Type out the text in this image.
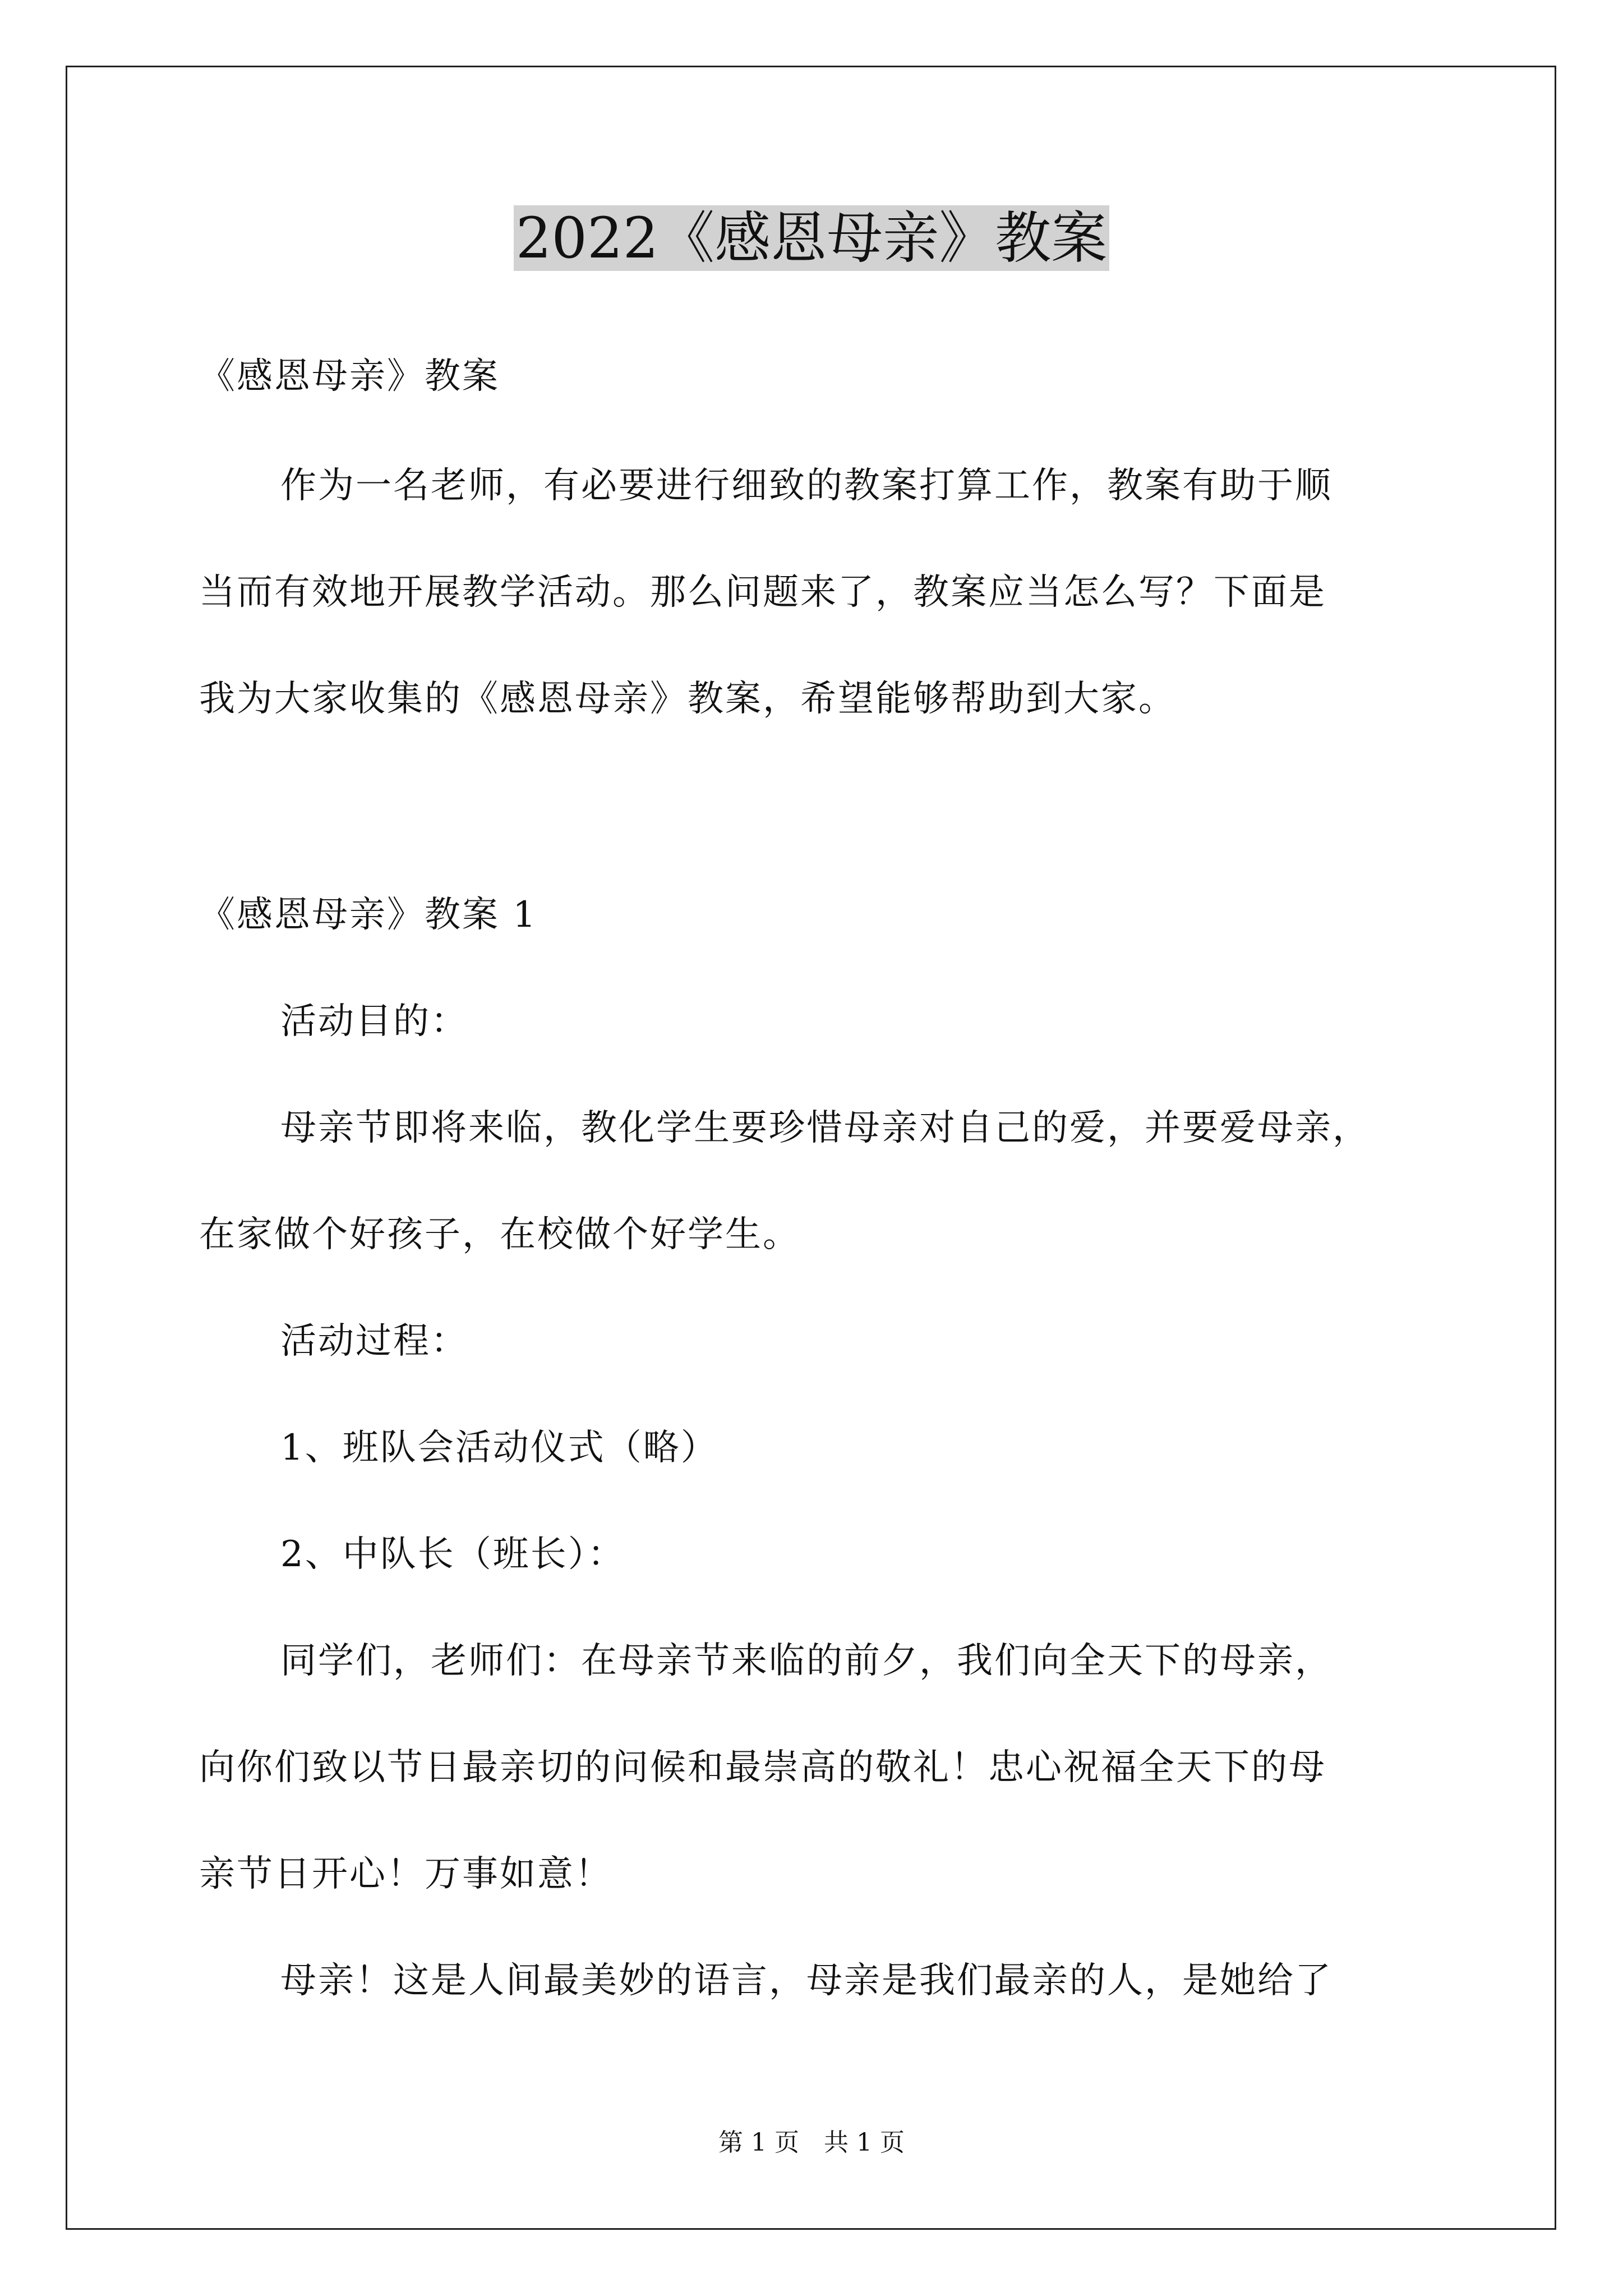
2022《感恩母亲》教案
《感恩母亲》教案
作为一名老师，有必要进行细致的教案打算工作，教案有助于顺
当而有效地开展教学活动。那么问题来了，教案应当怎么写？下面是
我为大家收集的《感恩母亲》教案，希望能够帮助到大家。
《感恩母亲》教案 1
活动目的：
母亲节即将来临，教化学生要珍惜母亲对自己的爱，并要爱母亲，
在家做个好孩子，在校做个好学生。
活动过程：
1、班队会活动仪式（略）
2、中队长（班长）：
同学们，老师们：在母亲节来临的前夕，我们向全天下的母亲，
向你们致以节日最亲切的问候和最崇高的敬礼！忠心祝福全天下的母
亲节日开心！万事如意！
母亲！这是人间最美妙的语言，母亲是我们最亲的人，是她给了
第 1 页　共 1 页
